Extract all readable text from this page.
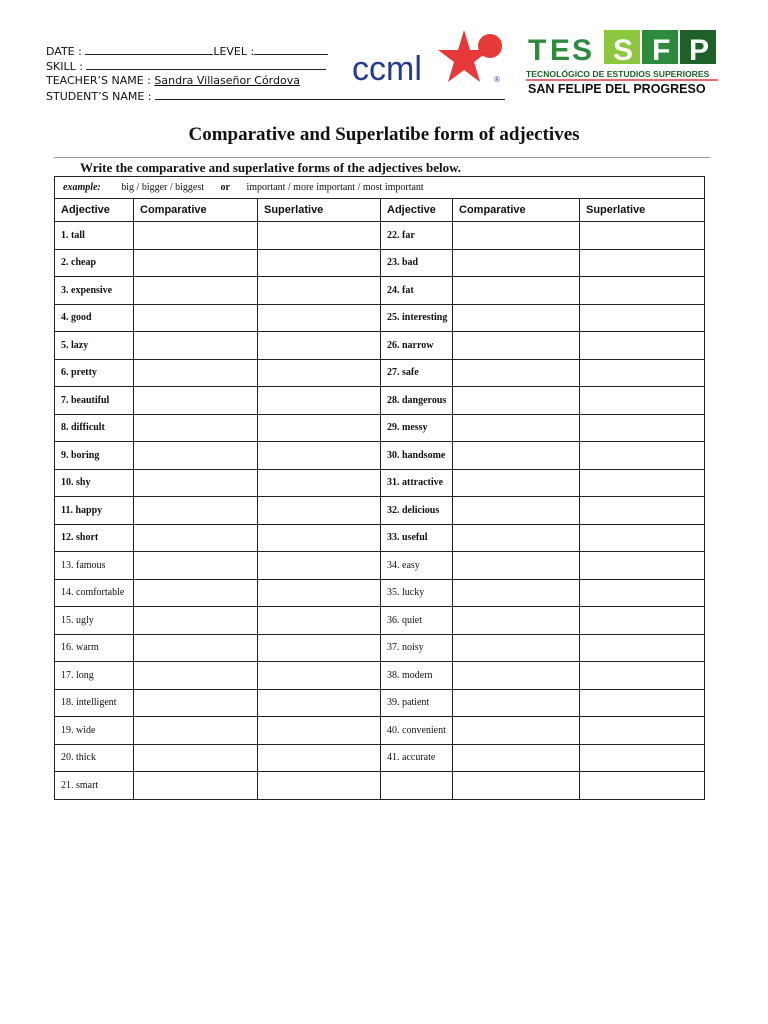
DATE :	LEVEL :
SKILL :
TEACHER’S NAME : Sandra Villaseñor Córdova
STUDENT’S NAME :
ccml	®
T E S S F P
TECNOLÓGICO DE ESTUDIOS SUPERIORES
SAN FELIPE DEL PROGRESO
Comparative and Superlatibe form of adjectives
Write the comparative and superlative forms of the adjectives below.
example: big / bigger / biggest or important / more important / most important					
Adjective	Comparative	Superlative	Adjective	Comparative	Superlative
1. tall			22. far		
2. cheap			23. bad		
3. expensive			24. fat		
4. good			25. interesting		
5. lazy			26. narrow		
6. pretty			27. safe		
7. beautiful			28. dangerous		
8. difficult			29. messy		
9. boring			30. handsome		
10. shy			31. attractive		
11. happy			32. delicious		
12. short			33. useful		
13. famous			34. easy		
14. comfortable			35. lucky		
15. ugly			36. quiet		
16. warm			37. noisy		
17. long			38. modern		
18. intelligent			39. patient		
19. wide			40. convenient		
20. thick			41. accurate		
21. smart					
